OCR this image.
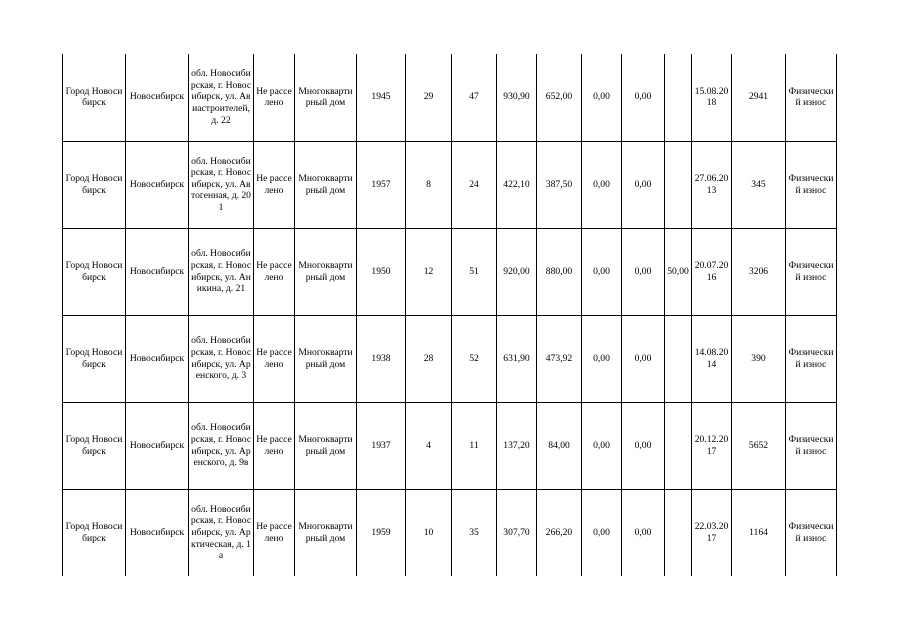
Город Новосибирск	Новосибирск	обл. Новосибирская, г. Новосибирск, ул. Авиастроителей, д. 22	Не расселено	Многоквартирный дом	1945	29	47	930,90	652,00	0,00	0,00		15.08.2018	2941	Физический износ
Город Новосибирск	Новосибирск	обл. Новосибирская, г. Новосибирск, ул. Автогенная, д. 201	Не расселено	Многоквартирный дом	1957	8	24	422,10	387,50	0,00	0,00		27.06.2013	345	Физический износ
Город Новосибирск	Новосибирск	обл. Новосибирская, г. Новосибирск, ул. Аникина, д. 21	Не расселено	Многоквартирный дом	1950	12	51	920,00	880,00	0,00	0,00	50,00	20.07.2016	3206	Физический износ
Город Новосибирск	Новосибирск	обл. Новосибирская, г. Новосибирск, ул. Аренского, д. 3	Не расселено	Многоквартирный дом	1938	28	52	631,90	473,92	0,00	0,00		14.08.2014	390	Физический износ
Город Новосибирск	Новосибирск	обл. Новосибирская, г. Новосибирск, ул. Аренского, д. 9в	Не расселено	Многоквартирный дом	1937	4	11	137,20	84,00	0,00	0,00		20.12.2017	5652	Физический износ
Город Новосибирск	Новосибирск	обл. Новосибирская, г. Новосибирск, ул. Арктическая, д. 1а	Не расселено	Многоквартирный дом	1959	10	35	307,70	266,20	0,00	0,00		22.03.2017	1164	Физический износ
